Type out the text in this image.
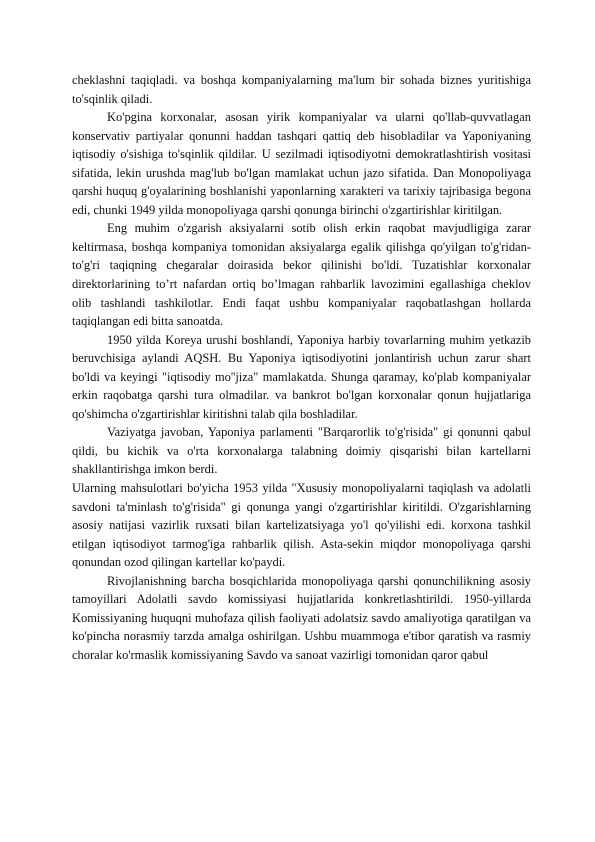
cheklashni taqiqladi. va boshqa kompaniyalarning ma'lum bir sohada biznes yuritishiga to'sqinlik qiladi.

Ko'pgina korxonalar, asosan yirik kompaniyalar va ularni qo'llab-quvvatlagan konservativ partiyalar qonunni haddan tashqari qattiq deb hisobladilar va Yaponiyaning iqtisodiy o'sishiga to'sqinlik qildilar. U sezilmadi iqtisodiyotni demokratlashtirish vositasi sifatida, lekin urushda mag'lub bo'lgan mamlakat uchun jazo sifatida. Dan Monopoliyaga qarshi huquq g'oyalarining boshlanishi yaponlarning xarakteri va tarixiy tajribasiga begona edi, chunki 1949 yilda monopoliyaga qarshi qonunga birinchi o'zgartirishlar kiritilgan.

Eng muhim o'zgarish aksiyalarni sotib olish erkin raqobat mavjudligiga zarar keltirmasa, boshqa kompaniya tomonidan aksiyalarga egalik qilishga qo'yilgan to'g'ridan-to'g'ri taqiqning chegaralar doirasida bekor qilinishi bo'ldi. Tuzatishlar korxonalar direktorlarining to’rt nafardan ortiq bo’lmagan rahbarlik lavozimini egallashiga cheklov olib tashlandi tashkilotlar. Endi faqat ushbu kompaniyalar raqobatlashgan hollarda taqiqlangan edi bitta sanoatda.

1950 yilda Koreya urushi boshlandi, Yaponiya harbiy tovarlarning muhim yetkazib beruvchisiga aylandi AQSH. Bu Yaponiya iqtisodiyotini jonlantirish uchun zarur shart bo'ldi va keyingi "iqtisodiy mo''jiza" mamlakatda. Shunga qaramay, ko'plab kompaniyalar erkin raqobatga qarshi tura olmadilar. va bankrot bo'lgan korxonalar qonun hujjatlariga qo'shimcha o'zgartirishlar kiritishni talab qila boshladilar.

Vaziyatga javoban, Yaponiya parlamenti "Barqarorlik to'g'risida" gi qonunni qabul qildi, bu kichik va o'rta korxonalarga talabning doimiy qisqarishi bilan kartellarni shakllantirishga imkon berdi.

Ularning mahsulotlari bo'yicha 1953 yilda "Xususiy monopoliyalarni taqiqlash va adolatli savdoni ta'minlash to'g'risida" gi qonunga yangi o'zgartirishlar kiritildi. O'zgarishlarning asosiy natijasi vazirlik ruxsati bilan kartelizatsiyaga yo'l qo'yilishi edi. korxona tashkil etilgan iqtisodiyot tarmog'iga rahbarlik qilish. Asta-sekin miqdor monopoliyaga qarshi qonundan ozod qilingan kartellar ko'paydi.

Rivojlanishning barcha bosqichlarida monopoliyaga qarshi qonunchilikning asosiy tamoyillari Adolatli savdo komissiyasi hujjatlarida konkretlashtirildi. 1950-yillarda Komissiyaning huquqni muhofaza qilish faoliyati adolatsiz savdo amaliyotiga qaratilgan va ko'pincha norasmiy tarzda amalga oshirilgan. Ushbu muammoga e'tibor qaratish va rasmiy choralar ko'rmaslik komissiyaning Savdo va sanoat vazirligi tomonidan qaror qabul
